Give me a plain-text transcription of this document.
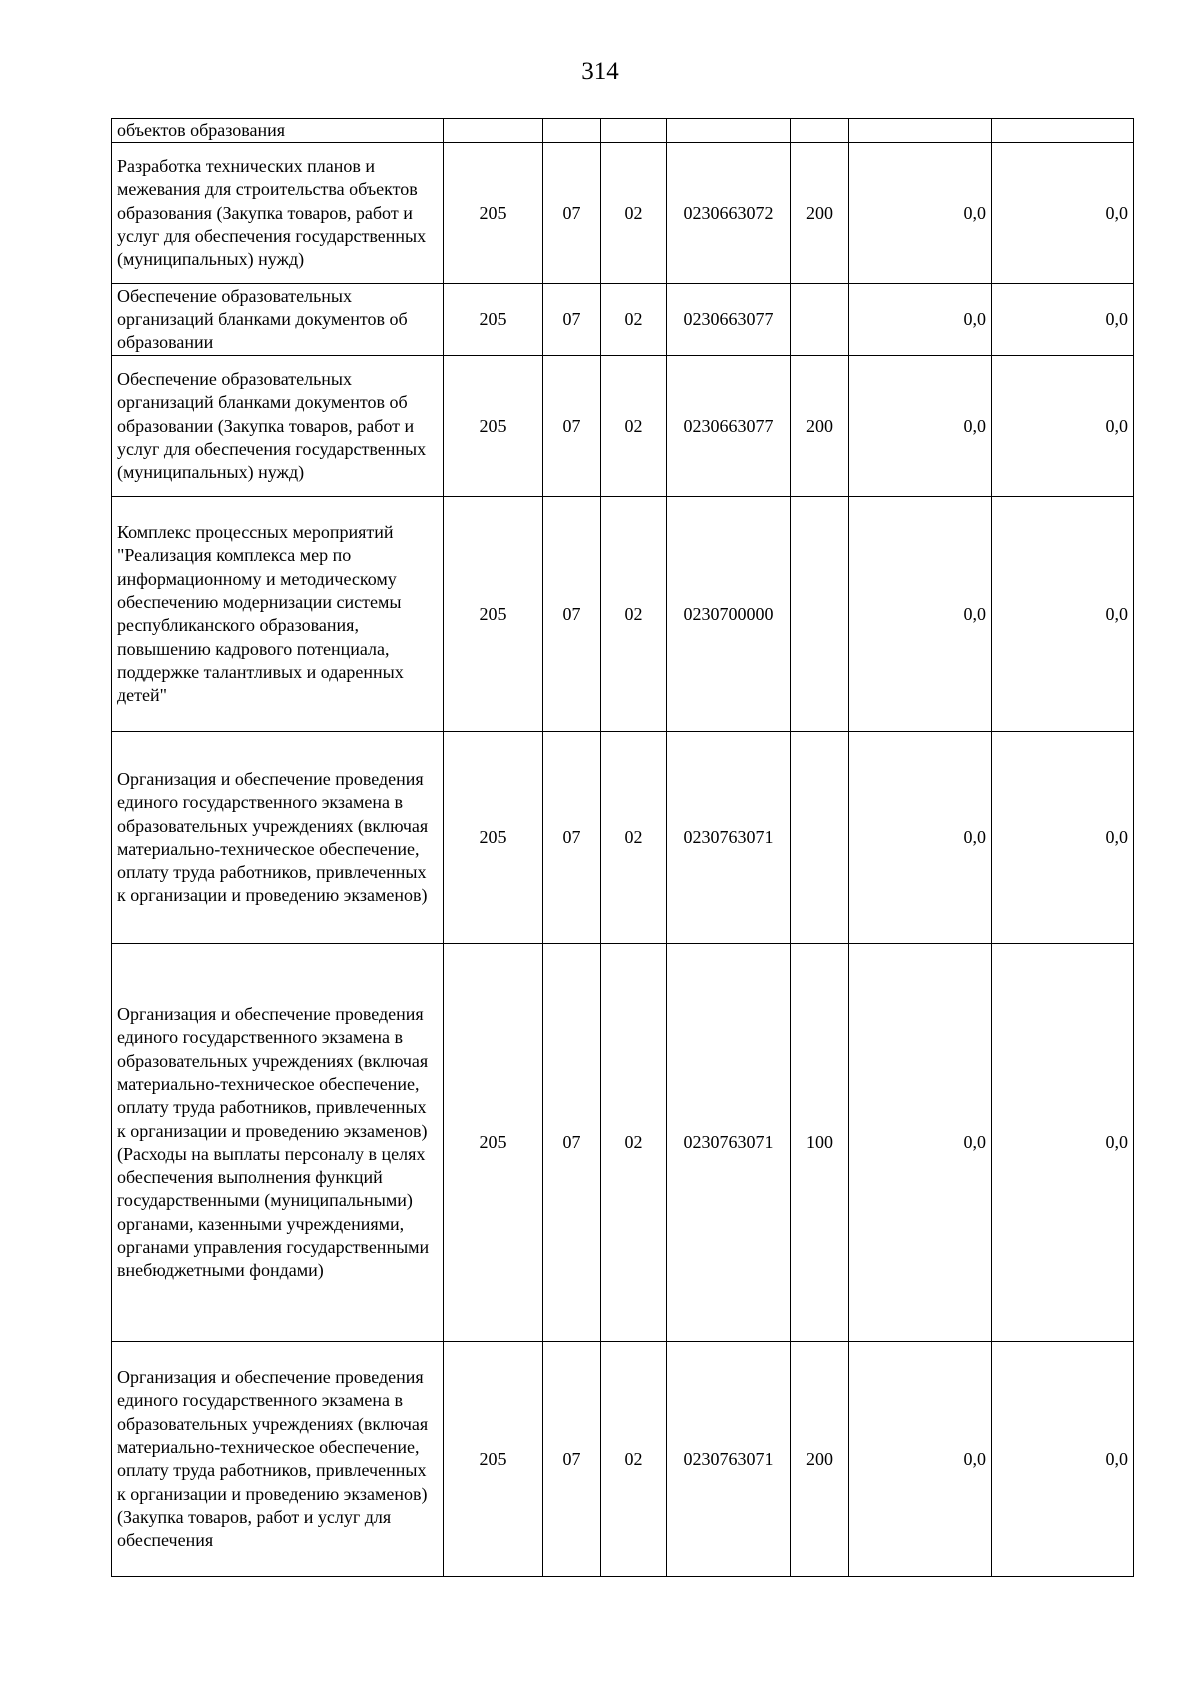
314
объектов образования							
Разработка технических планов и межевания для строительства объектов образования (Закупка товаров, работ и услуг для обеспечения государственных (муниципальных) нужд)	205	07	02	0230663072	200	0,0	0,0
Обеспечение образовательных организаций бланками документов об образовании	205	07	02	0230663077		0,0	0,0
Обеспечение образовательных организаций бланками документов об образовании (Закупка товаров, работ и услуг для обеспечения государственных (муниципальных) нужд)	205	07	02	0230663077	200	0,0	0,0
Комплекс процессных мероприятий "Реализация комплекса мер по информационному и методическому обеспечению модернизации системы республиканского образования, повышению кадрового потенциала, поддержке талантливых и одаренных детей"	205	07	02	0230700000		0,0	0,0
Организация и обеспечение проведения единого государственного экзамена в образовательных учреждениях (включая материально-техническое обеспечение, оплату труда работников, привлеченных к организации и проведению экзаменов)	205	07	02	0230763071		0,0	0,0
Организация и обеспечение проведения единого государственного экзамена в образовательных учреждениях (включая материально-техническое обеспечение, оплату труда работников, привлеченных к организации и проведению экзаменов) (Расходы на выплаты персоналу в целях обеспечения выполнения функций государственными (муниципальными) органами, казенными учреждениями, органами управления государственными внебюджетными фондами)	205	07	02	0230763071	100	0,0	0,0
Организация и обеспечение проведения единого государственного экзамена в образовательных учреждениях (включая материально-техническое обеспечение, оплату труда работников, привлеченных к организации и проведению экзаменов) (Закупка товаров, работ и услуг для обеспечения	205	07	02	0230763071	200	0,0	0,0
